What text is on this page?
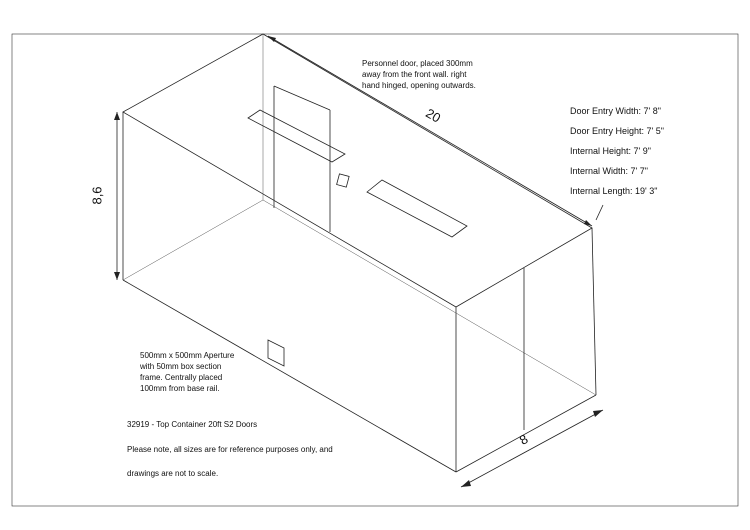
Personnel door, placed 300mm away from the front wall. right hand hinged, opening outwards.
20
8,6
8
Door Entry Width: 7' 8"
Door Entry Height: 7' 5"
Internal Height: 7' 9"
Internal Width: 7' 7"
Internal Length: 19' 3"
500mm x 500mm Aperture with 50mm box section frame. Centrally placed 100mm from base rail.
32919 - Top Container 20ft S2 Doors
Please note, all sizes are for reference purposes only, and
drawings are not to scale.
